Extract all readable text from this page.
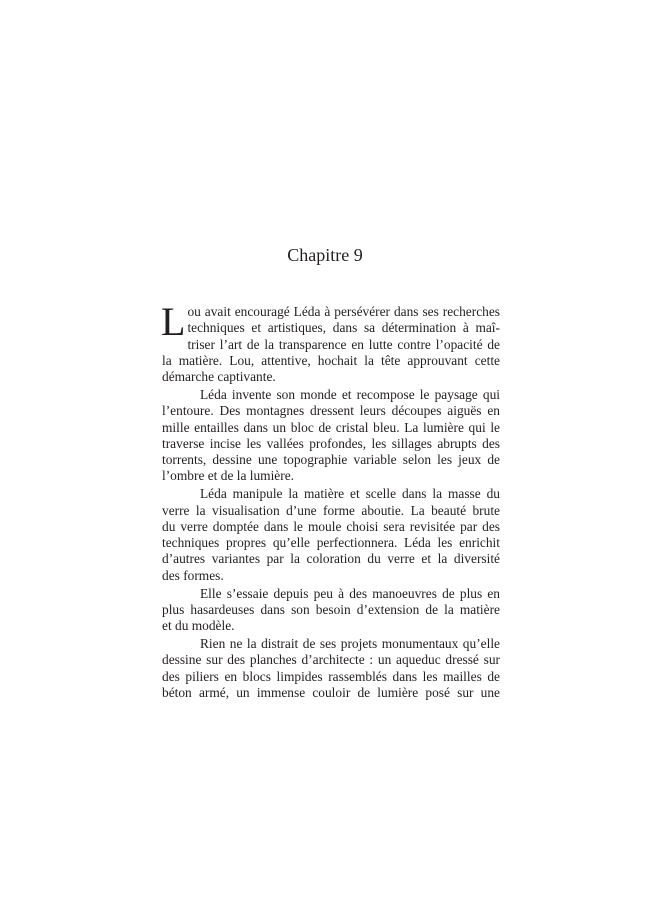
Chapitre 9
L ou avait encouragé Léda à persévérer dans ses recherches
techniques et artistiques, dans sa détermination à maî-
triser l’art de la transparence en lutte contre l’opacité de
la matière. Lou, attentive, hochait la tête approuvant cette
démarche captivante.
Léda invente son monde et recompose le paysage qui
l’entoure. Des montagnes dressent leurs découpes aiguës en
mille entailles dans un bloc de cristal bleu. La lumière qui le
traverse incise les vallées profondes, les sillages abrupts des
torrents, dessine une topographie variable selon les jeux de
l’ombre et de la lumière.
Léda manipule la matière et scelle dans la masse du
verre la visualisation d’une forme aboutie. La beauté brute
du verre domptée dans le moule choisi sera revisitée par des
techniques propres qu’elle perfectionnera. Léda les enrichit
d’autres variantes par la coloration du verre et la diversité
des formes.
Elle s’essaie depuis peu à des manoeuvres de plus en
plus hasardeuses dans son besoin d’extension de la matière
et du modèle.
Rien ne la distrait de ses projets monumentaux qu’elle
dessine sur des planches d’architecte : un aqueduc dressé sur
des piliers en blocs limpides rassemblés dans les mailles de
béton armé, un immense couloir de lumière posé sur une
